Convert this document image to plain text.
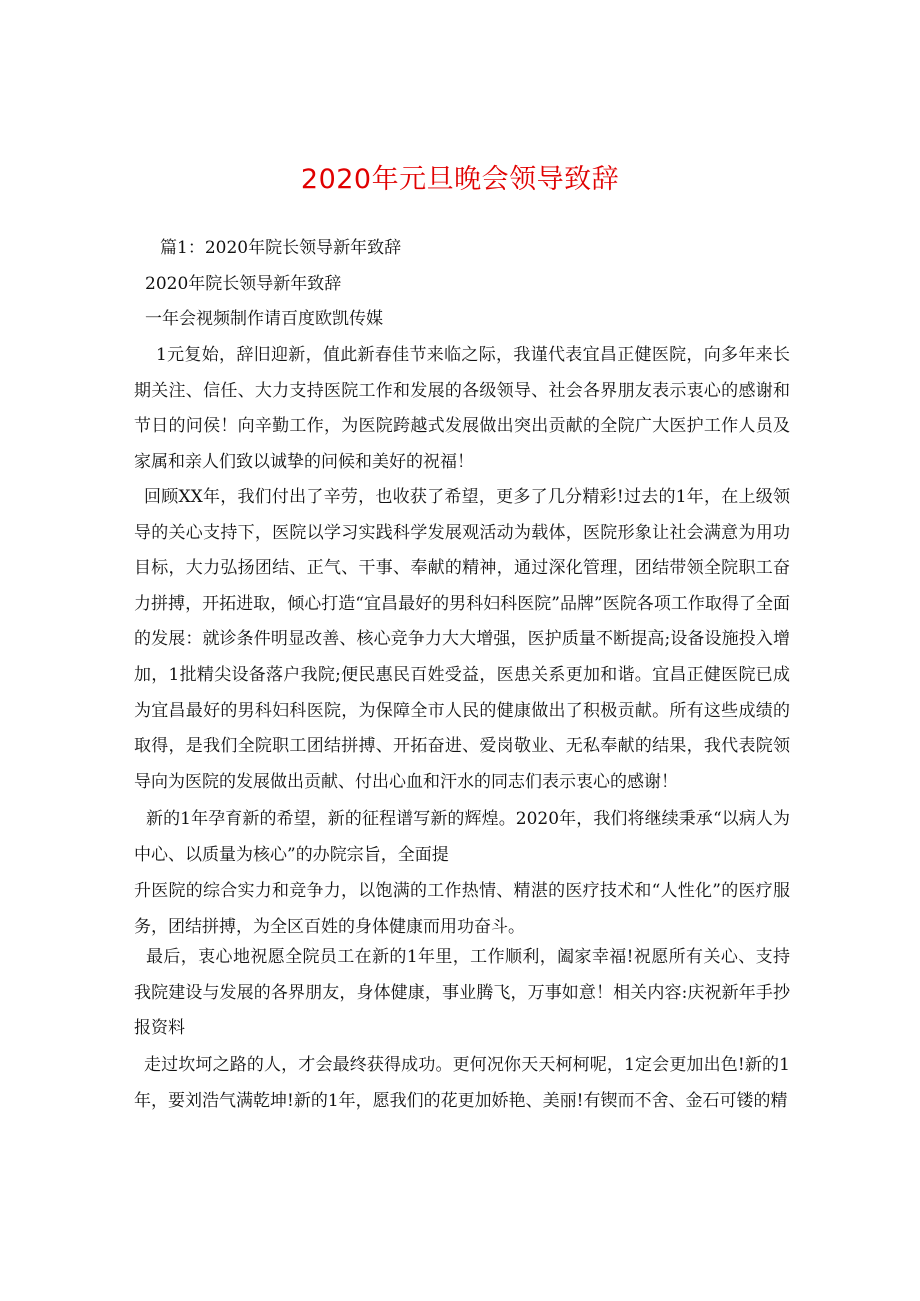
2020年元旦晚会领导致辞
篇1：2020年院长领导新年致辞
2020年院长领导新年致辞
一年会视频制作请百度欧凯传媒

1元复始，辞旧迎新，值此新春佳节来临之际，我谨代表宜昌正健医院，向多年来长期关注、信任、大力支持医院工作和发展的各级领导、社会各界朋友表示衷心的感谢和节日的问侯！向辛勤工作，为医院跨越式发展做出突出贡献的全院广大医护工作人员及家属和亲人们致以诚挚的问候和美好的祝福！

回顾XX年，我们付出了辛劳，也收获了希望，更多了几分精彩!过去的1年，在上级领导的关心支持下，医院以学习实践科学发展观活动为载体，医院形象让社会满意为用功目标，大力弘扬团结、正气、干事、奉献的精神，通过深化管理，团结带领全院职工奋力拼搏，开拓进取，倾心打造“宜昌最好的男科妇科医院”品牌”医院各项工作取得了全面的发展：就诊条件明显改善、核心竞争力大大增强，医护质量不断提高;设备设施投入增加，1批精尖设备落户我院;便民惠民百姓受益，医患关系更加和谐。宜昌正健医院已成为宜昌最好的男科妇科医院，为保障全市人民的健康做出了积极贡献。所有这些成绩的取得，是我们全院职工团结拼搏、开拓奋进、爱岗敬业、无私奉献的结果，我代表院领导向为医院的发展做出贡献、付出心血和汗水的同志们表示衷心的感谢！

新的1年孕育新的希望，新的征程谱写新的辉煌。2020年，我们将继续秉承“以病人为中心、以质量为核心”的办院宗旨，全面提

升医院的综合实力和竞争力，以饱满的工作热情、精湛的医疗技术和“人性化”的医疗服务，团结拼搏，为全区百姓的身体健康而用功奋斗。

最后，衷心地祝愿全院员工在新的1年里，工作顺利，阖家幸福!祝愿所有关心、支持我院建设与发展的各界朋友，身体健康，事业腾飞，万事如意！相关内容:庆祝新年手抄报资料

走过坎坷之路的人，才会最终获得成功。更何况你天天柯柯呢，1定会更加出色!新的1年，要刘浩气满乾坤!新的1年，愿我们的花更加娇艳、美丽!有锲而不舍、金石可镂的精
